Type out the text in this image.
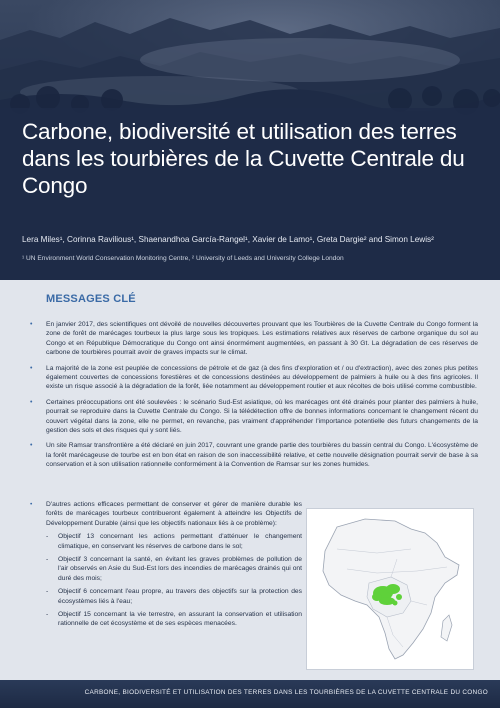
Carbone, biodiversité et utilisation des terres dans les tourbières de la Cuvette Centrale du Congo
Lera Miles¹, Corinna Ravilious¹, Shaenandhoa García-Rangel¹, Xavier de Lamo¹, Greta Dargie² and Simon Lewis²
¹ UN Environment World Conservation Monitoring Centre, ² University of Leeds and University College London
MESSAGES CLÉ
• En janvier 2017, des scientifiques ont dévoilé de nouvelles découvertes prouvant que les Tourbières de la Cuvette Centrale du Congo forment la zone de forêt de marécages tourbeux la plus large sous les tropiques. Les estimations relatives aux réserves de carbone organique du sol au Congo et en République Démocratique du Congo ont ainsi énormément augmentées, en passant à 30 Gt. La dégradation de ces réserves de carbone de tourbières pourrait avoir de graves impacts sur le climat.
• La majorité de la zone est peuplée de concessions de pétrole et de gaz (à des fins d'exploration et / ou d'extraction), avec des zones plus petites également couvertes de concessions forestières et de concessions destinées au développement de palmiers à huile ou à des fins agricoles. Il existe un risque associé à la dégradation de la forêt, liée notamment au développement routier et aux récoltes de bois utilisé comme combustible.
• Certaines préoccupations ont été soulevées : le scénario Sud-Est asiatique, où les marécages ont été drainés pour planter des palmiers à huile, pourrait se reproduire dans la Cuvette Centrale du Congo. Si la télédétection offre de bonnes informations concernant le changement récent du couvert végétal dans la zone, elle ne permet, en revanche, pas vraiment d'appréhender l'importance potentielle des futurs changements de la gestion des sols et des risques qui y sont liés.
• Un site Ramsar transfrontière a été déclaré en juin 2017, couvrant une grande partie des tourbières du bassin central du Congo. L'écosystème de la forêt marécageuse de tourbe est en bon état en raison de son inaccessibilité relative, et cette nouvelle désignation pourrait servir de base à sa conservation et à son utilisation rationnelle conformément à la Convention de Ramsar sur les zones humides.

• D'autres actions efficaces permettant de conserver et gérer de manière durable les forêts de marécages tourbeux contribueront également à atteindre les Objectifs de Développement Durable (ainsi que les objectifs nationaux liés à ce problème):

- Objectif 13 concernant les actions permettant d'atténuer le changement climatique, en conservant les réserves de carbone dans le sol;
- Objectif 3 concernant la santé, en évitant les graves problèmes de pollution de l'air observés en Asie du Sud-Est lors des incendies de marécages drainés qui ont duré des mois;
- Objectif 6 concernant l'eau propre, au travers des objectifs sur la protection des écosystèmes liés à l'eau;
- Objectif 15 concernant la vie terrestre, en assurant la conservation et utilisation rationnelle de cet écosystème et de ses espèces menacées.
CARBONE, BIODIVERSITÉ ET UTILISATION DES TERRES DANS LES TOURBIÈRES DE LA CUVETTE CENTRALE DU CONGO
